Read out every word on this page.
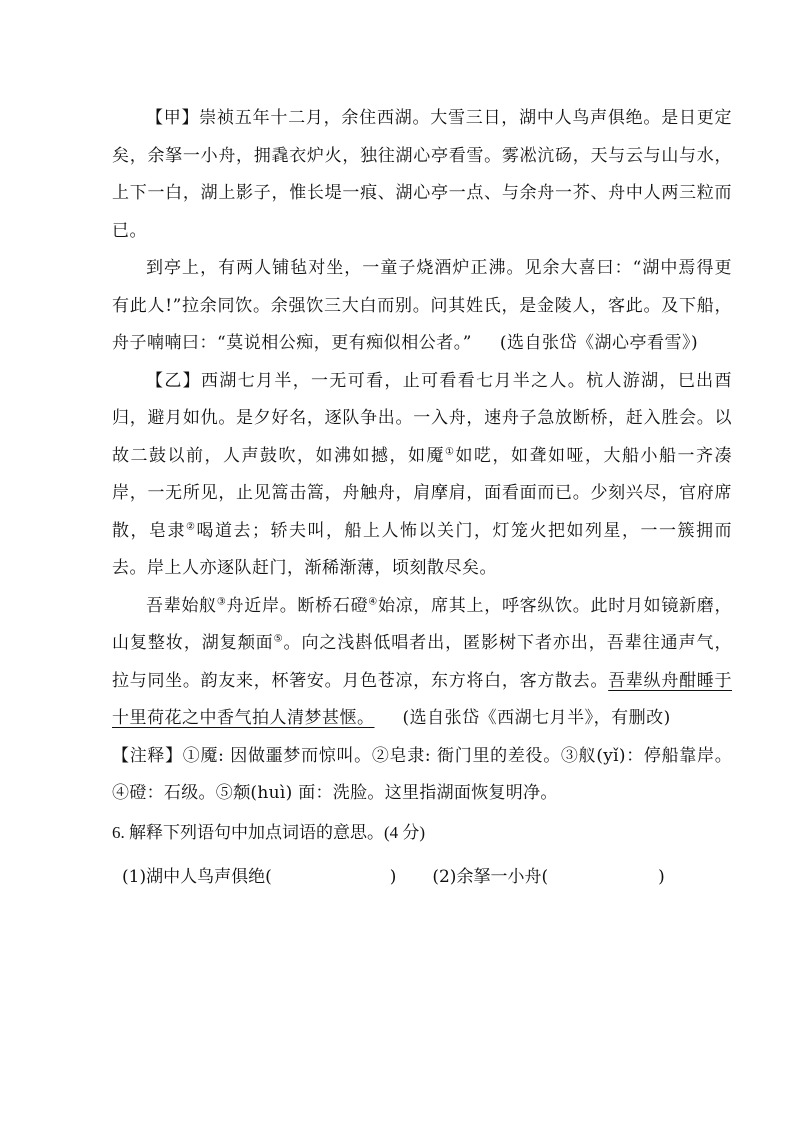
【甲】崇祯五年十二月，余住西湖。大雪三日，湖中人鸟声俱绝。是日更定矣，余拏一小舟，拥毳衣炉火，独往湖心亭看雪。雾凇沆砀，天与云与山与水，上下一白，湖上影子，惟长堤一痕、湖心亭一点、与余舟一芥、舟中人两三粒而已。

到亭上，有两人铺毡对坐，一童子烧酒炉正沸。见余大喜曰：“湖中焉得更有此人!”拉余同饮。余强饮三大白而别。问其姓氏，是金陵人，客此。及下船，舟子喃喃曰：“莫说相公痴，更有痴似相公者。” (选自张岱《湖心亭看雪》)

【乙】西湖七月半，一无可看，止可看看七月半之人。杭人游湖，巳出酉归，避月如仇。是夕好名，逐队争出。一入舟，速舟子急放断桥，赶入胜会。以故二鼓以前，人声鼓吹，如沸如撼，如魇①如呓，如聋如哑，大船小船一齐凑岸，一无所见，止见篙击篙，舟触舟，肩摩肩，面看面而已。少刻兴尽，官府席散，皂隶②喝道去；轿夫叫，船上人怖以关门，灯笼火把如列星，一一簇拥而去。岸上人亦逐队赶门，渐稀渐薄，顷刻散尽矣。

吾辈始舣③舟近岸。断桥石磴④始凉，席其上，呼客纵饮。此时月如镜新磨，山复整妆，湖复颒面⑤。向之浅斟低唱者出，匿影树下者亦出，吾辈往通声气，拉与同坐。韵友来，杯箸安。月色苍凉，东方将白，客方散去。吾辈纵舟酣睡于十里荷花之中香气拍人清梦甚惬。 (选自张岱《西湖七月半》，有删改)

【注释】①魇: 因做噩梦而惊叫。②皂隶: 衙门里的差役。③舣(yǐ)：停船靠岸。④磴：石级。⑤颒(huì) 面：洗脸。这里指湖面恢复明净。

6. 解释下列语句中加点词语的意思。(4 分)

(1)湖中人鸟声俱绝(	) (2)余拏一小舟(	)
